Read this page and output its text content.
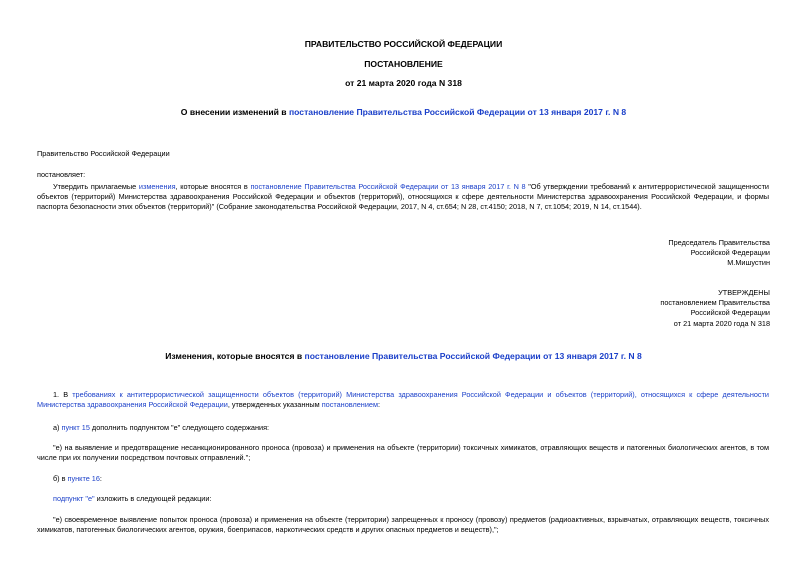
ПРАВИТЕЛЬСТВО РОССИЙСКОЙ ФЕДЕРАЦИИ
ПОСТАНОВЛЕНИЕ
от 21 марта 2020 года N 318
О внесении изменений в постановление Правительства Российской Федерации от 13 января 2017 г. N 8
Правительство Российской Федерации
постановляет:
Утвердить прилагаемые изменения, которые вносятся в постановление Правительства Российской Федерации от 13 января 2017 г. N 8 "Об утверждении требований к антитеррористической защищенности объектов (территорий) Министерства здравоохранения Российской Федерации и объектов (территорий), относящихся к сфере деятельности Министерства здравоохранения Российской Федерации, и формы паспорта безопасности этих объектов (территорий)" (Собрание законодательства Российской Федерации, 2017, N 4, ст.654; N 28, ст.4150; 2018, N 7, ст.1054; 2019, N 14, ст.1544).
Председатель Правительства
Российской Федерации
М.Мишустин
УТВЕРЖДЕНЫ
постановлением Правительства
Российской Федерации
от 21 марта 2020 года N 318
Изменения, которые вносятся в постановление Правительства Российской Федерации от 13 января 2017 г. N 8
1. В требованиях к антитеррористической защищенности объектов (территорий) Министерства здравоохранения Российской Федерации и объектов (территорий), относящихся к сфере деятельности Министерства здравоохранения Российской Федерации, утвержденных указанным постановлением:
а) пункт 15 дополнить подпунктом "е" следующего содержания:
"е) на выявление и предотвращение несанкционированного проноса (провоза) и применения на объекте (территории) токсичных химикатов, отравляющих веществ и патогенных биологических агентов, в том числе при их получении посредством почтовых отправлений.";
б) в пункте 16:
подпункт "е" изложить в следующей редакции:
"е) своевременное выявление попыток проноса (провоза) и применения на объекте (территории) запрещенных к проносу (провозу) предметов (радиоактивных, взрывчатых, отравляющих веществ, токсичных химикатов, патогенных биологических агентов, оружия, боеприпасов, наркотических средств и других опасных предметов и веществ),";
